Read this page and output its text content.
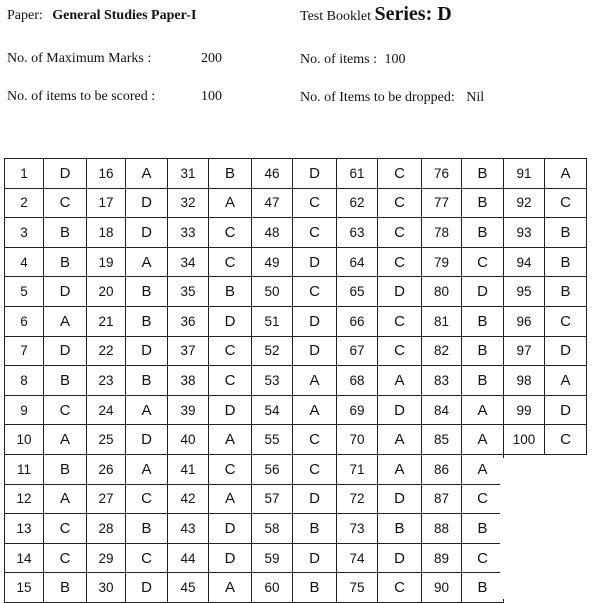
Paper: General Studies Paper-I	Test Booklet Series: D
No. of Maximum Marks :	200	No. of items : 100
No. of items to be scored :	100	No. of Items to be dropped: Nil
1	D	16	A	31	B	46	D	61	C	76	B	91	A
2	C	17	D	32	A	47	C	62	C	77	B	92	C
3	B	18	D	33	C	48	C	63	C	78	B	93	B
4	B	19	A	34	C	49	D	64	C	79	C	94	B
5	D	20	B	35	B	50	C	65	D	80	D	95	B
6	A	21	B	36	D	51	D	66	C	81	B	96	C
7	D	22	D	37	C	52	D	67	C	82	B	97	D
8	B	23	B	38	C	53	A	68	A	83	B	98	A
9	C	24	A	39	D	54	A	69	D	84	A	99	D
10	A	25	D	40	A	55	C	70	A	85	A	100	C
11	B	26	A	41	C	56	C	71	A	86	A		
12	A	27	C	42	A	57	D	72	D	87	C		
13	C	28	B	43	D	58	B	73	B	88	B		
14	C	29	C	44	D	59	D	74	D	89	C		
15	B	30	D	45	A	60	B	75	C	90	B		
